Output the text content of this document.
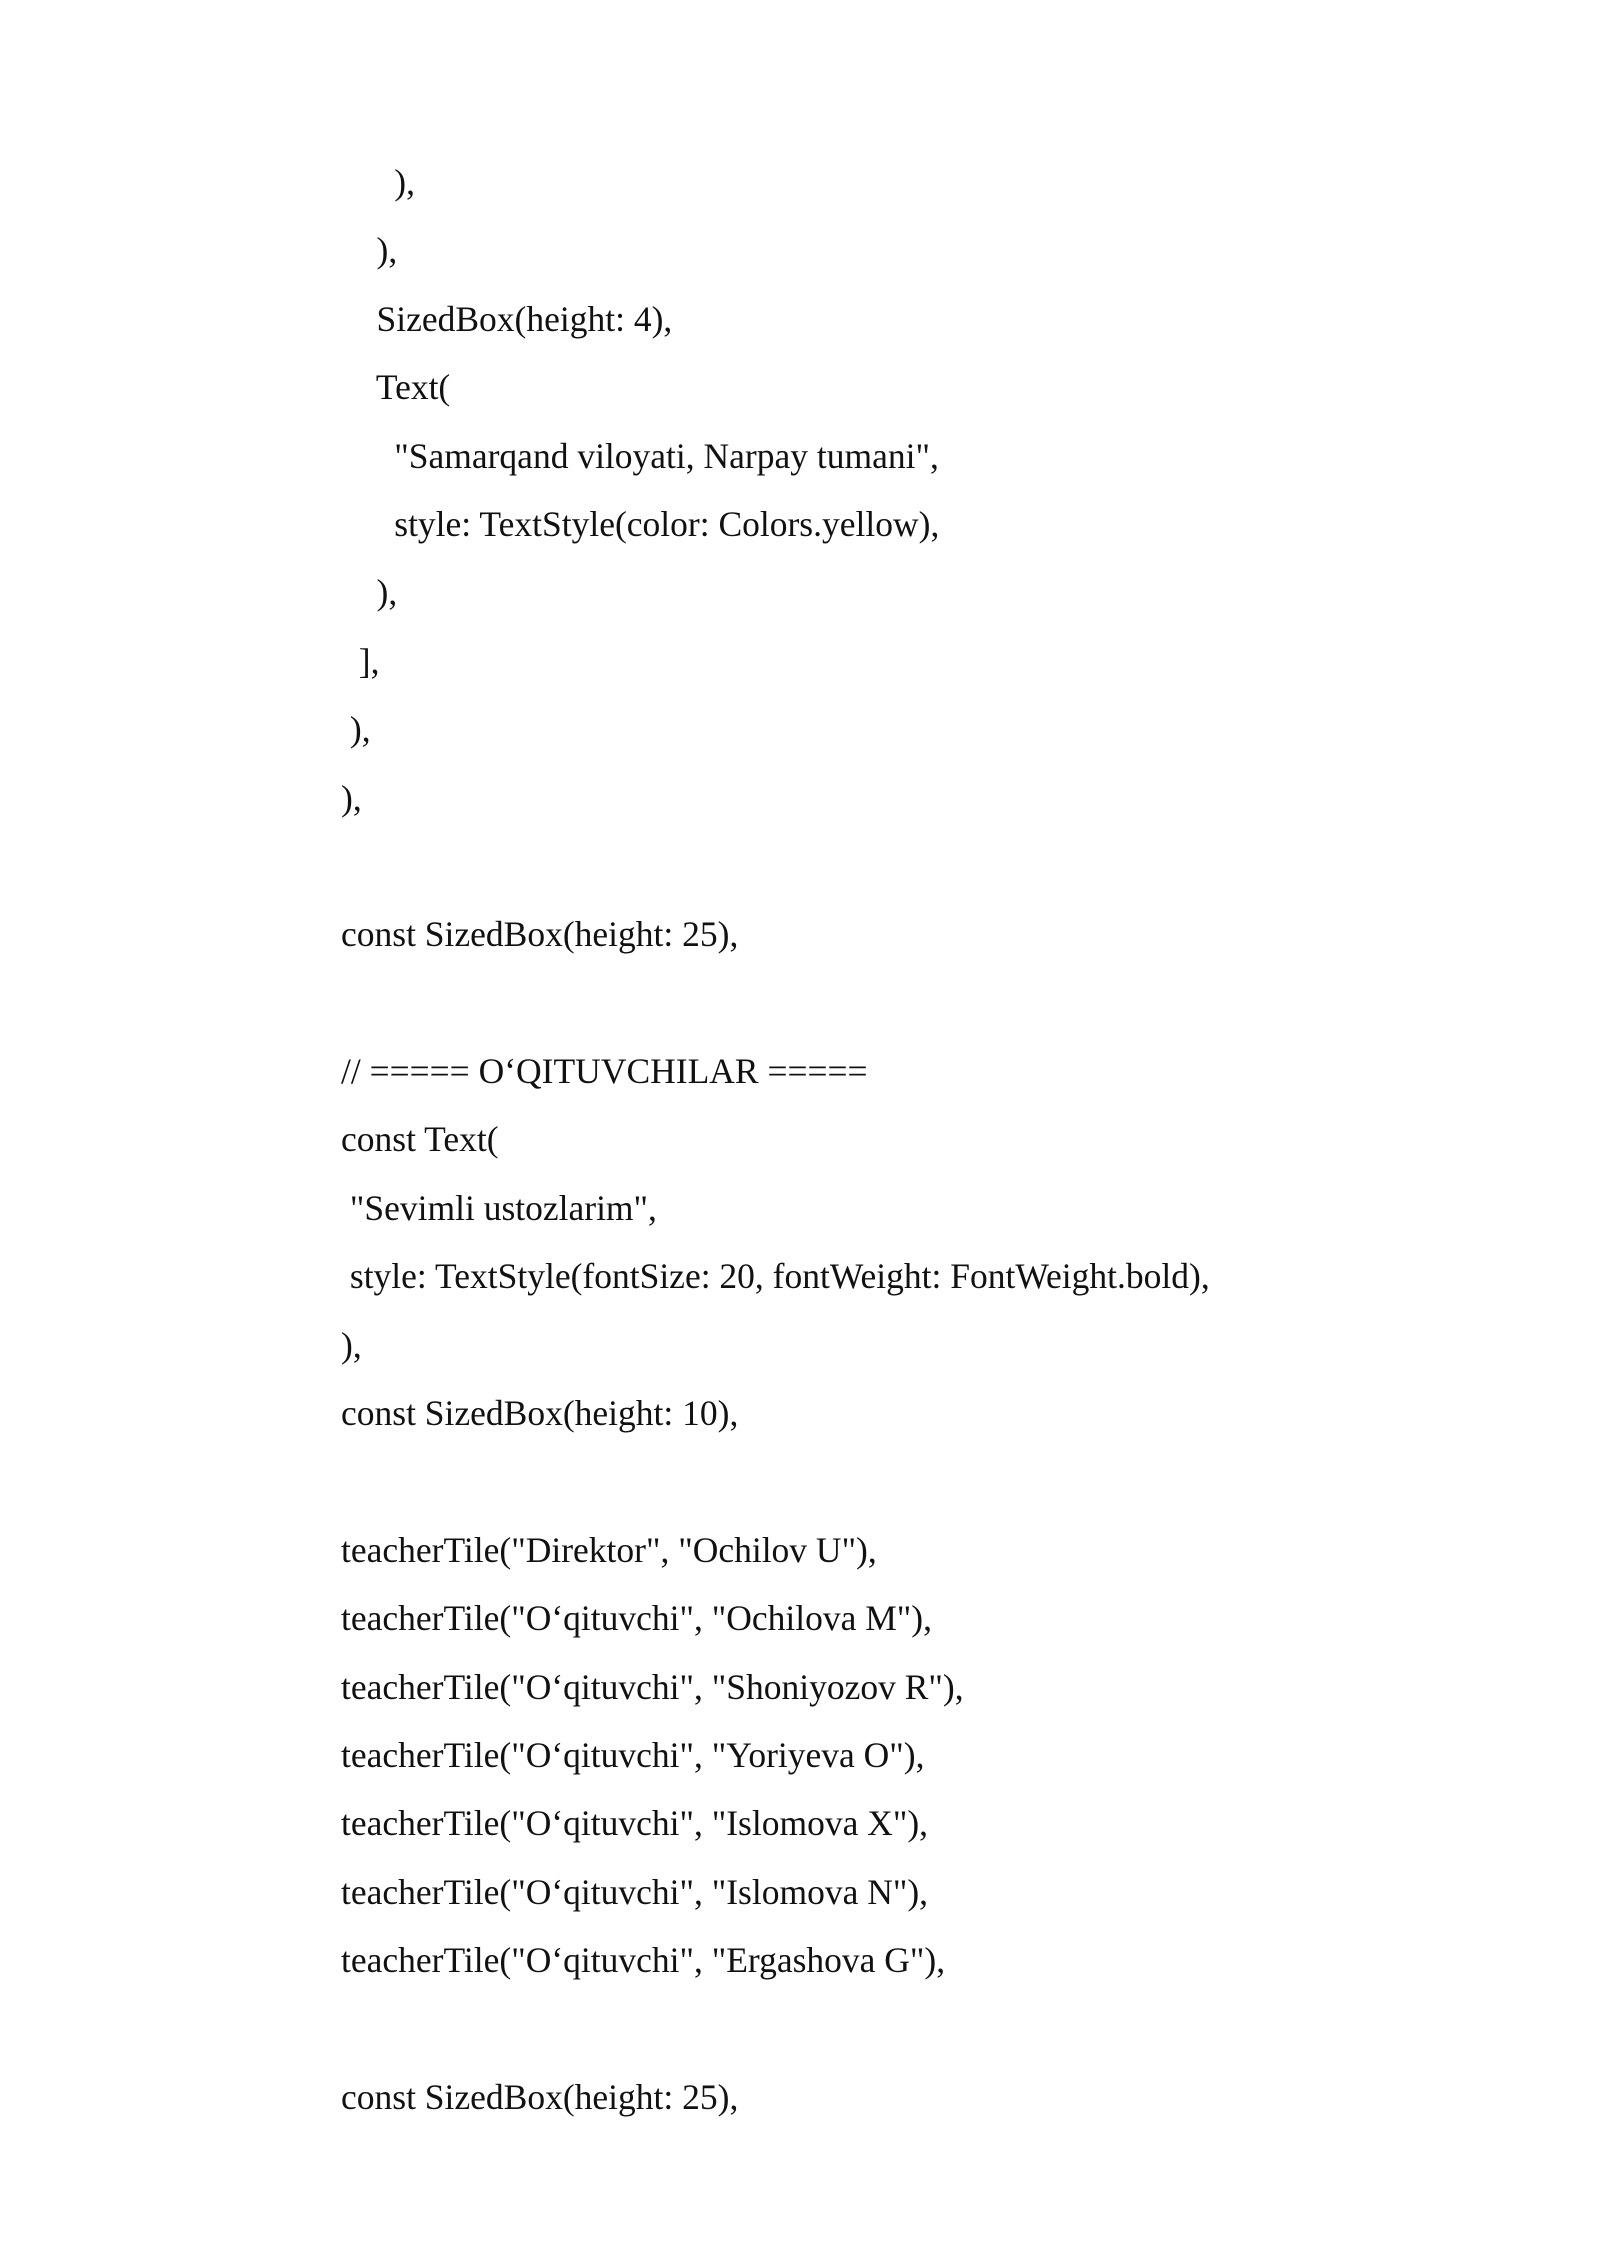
),
),
SizedBox(height: 4),
Text(
"Samarqand viloyati, Narpay tumani",
style: TextStyle(color: Colors.yellow),
),
],
),
),
const SizedBox(height: 25),
// ===== O‘QITUVCHILAR =====
const Text(
"Sevimli ustozlarim",
style: TextStyle(fontSize: 20, fontWeight: FontWeight.bold),
),
const SizedBox(height: 10),
teacherTile("Direktor", "Ochilov U"),
teacherTile("O‘qituvchi", "Ochilova M"),
teacherTile("O‘qituvchi", "Shoniyozov R"),
teacherTile("O‘qituvchi", "Yoriyeva O"),
teacherTile("O‘qituvchi", "Islomova X"),
teacherTile("O‘qituvchi", "Islomova N"),
teacherTile("O‘qituvchi", "Ergashova G"),
const SizedBox(height: 25),
